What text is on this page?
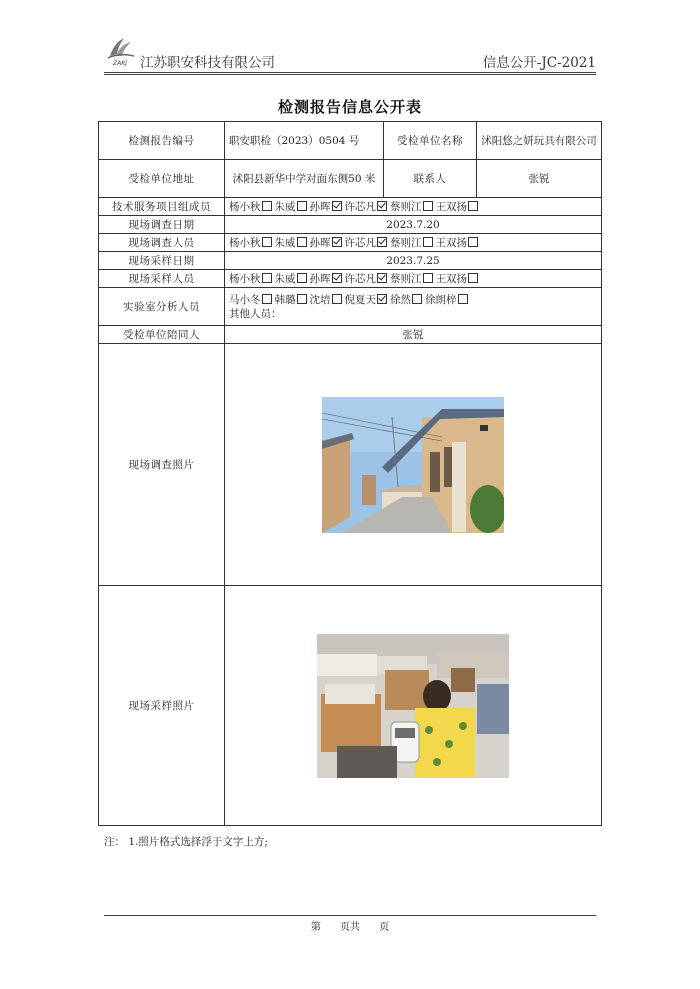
ZAKJ 江苏职安科技有限公司	信息公开-JC-2021
检测报告信息公开表
检测报告编号	职安职检（2023）0504 号	受检单位名称	沭阳悠之妍玩具有限公司
受检单位地址	沭阳县新华中学对面东侧50 米	联系人	张锐
技术服务项目组成员	杨小秋 朱威 孙晖 许芯凡 蔡则江 王双扬		
现场调查日期	2023.7.20		
现场调查人员	杨小秋 朱威 孙晖 许芯凡 蔡则江 王双扬		
现场采样日期	2023.7.25		
现场采样人员	杨小秋 朱威 孙晖 许芯凡 蔡则江 王双扬		
实验室分析人员	马小冬 韩璐 沈培 倪夏天 徐然 徐朗梓
其他人员：		

受检单位陪同人	张锐		
现场调查照片	

现场采样照片	
注： 1.照片格式选择浮于文字上方;
第 页共 页
